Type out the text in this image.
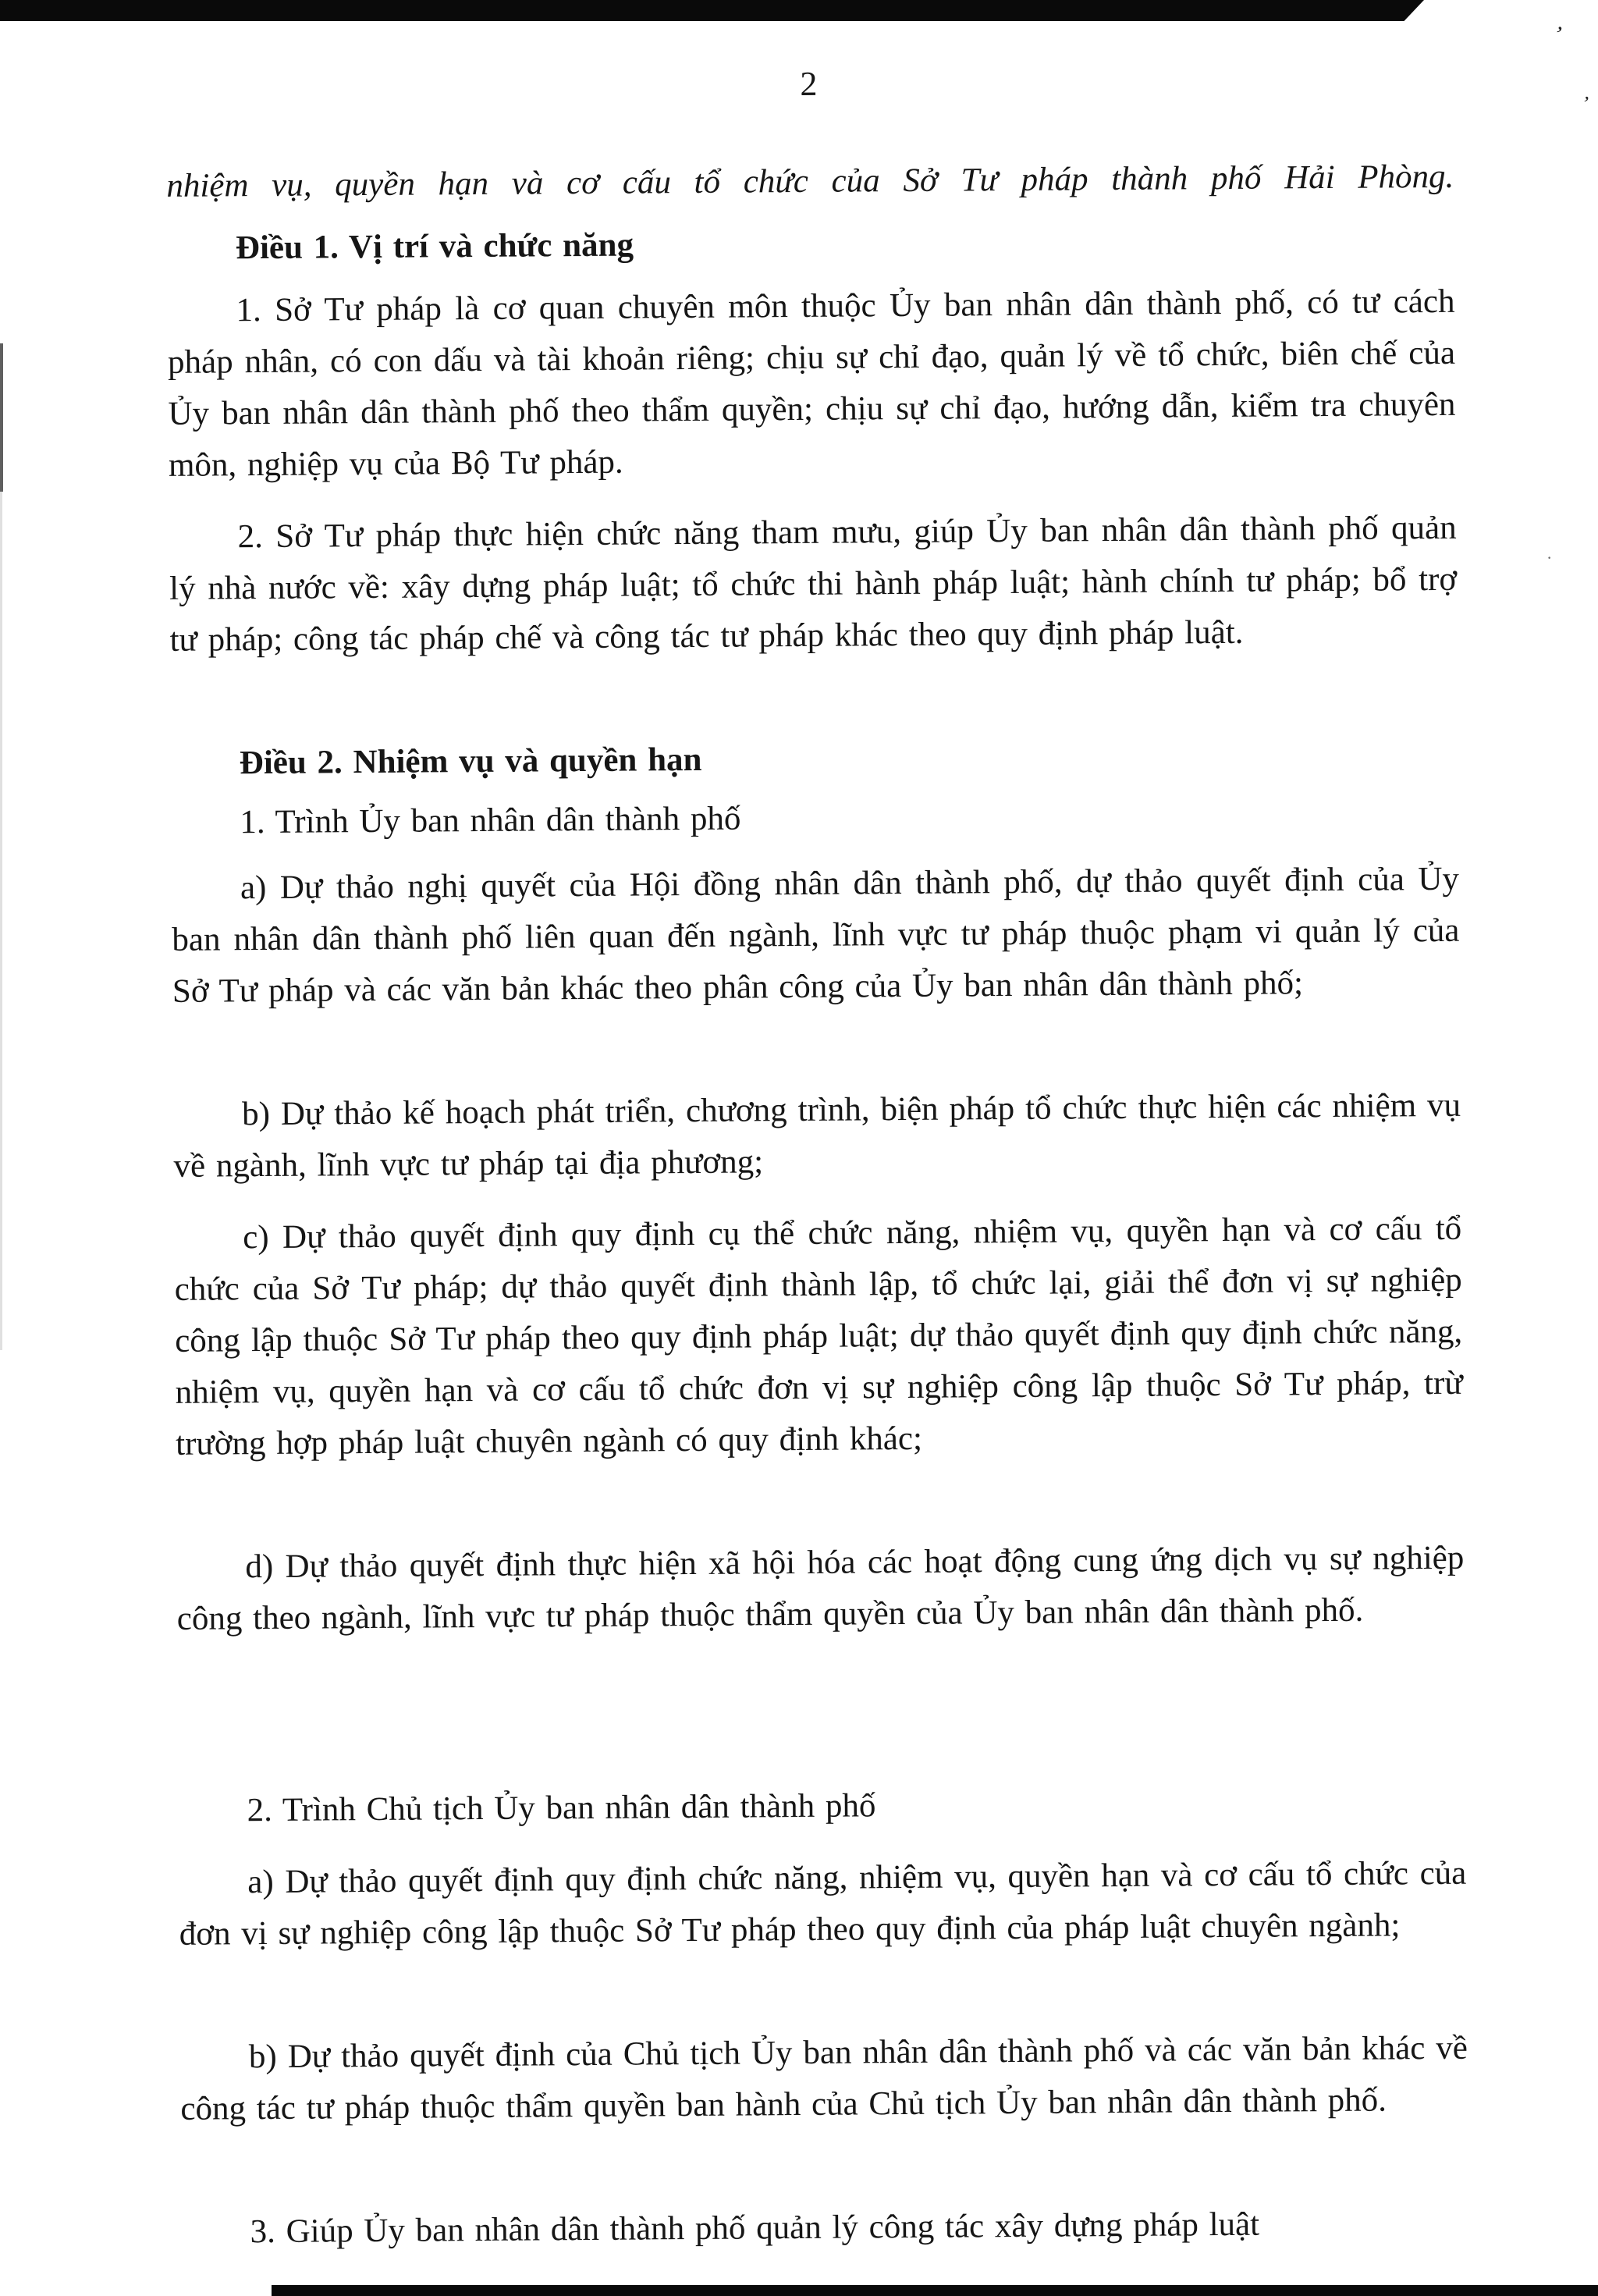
’
’
·
2
nhiệm vụ, quyền hạn và cơ cấu tổ chức của Sở Tư pháp thành phố Hải Phòng.
Điều 1. Vị trí và chức năng
1. Sở Tư pháp là cơ quan chuyên môn thuộc Ủy ban nhân dân thành phố, có tư cách pháp nhân, có con dấu và tài khoản riêng; chịu sự chỉ đạo, quản lý về tổ chức, biên chế của Ủy ban nhân dân thành phố theo thẩm quyền; chịu sự chỉ đạo, hướng dẫn, kiểm tra chuyên môn, nghiệp vụ của Bộ Tư pháp.
2. Sở Tư pháp thực hiện chức năng tham mưu, giúp Ủy ban nhân dân thành phố quản lý nhà nước về: xây dựng pháp luật; tổ chức thi hành pháp luật; hành chính tư pháp; bổ trợ tư pháp; công tác pháp chế và công tác tư pháp khác theo quy định pháp luật.
Điều 2. Nhiệm vụ và quyền hạn
1. Trình Ủy ban nhân dân thành phố
a) Dự thảo nghị quyết của Hội đồng nhân dân thành phố, dự thảo quyết định của Ủy ban nhân dân thành phố liên quan đến ngành, lĩnh vực tư pháp thuộc phạm vi quản lý của Sở Tư pháp và các văn bản khác theo phân công của Ủy ban nhân dân thành phố;
b) Dự thảo kế hoạch phát triển, chương trình, biện pháp tổ chức thực hiện các nhiệm vụ về ngành, lĩnh vực tư pháp tại địa phương;
c) Dự thảo quyết định quy định cụ thể chức năng, nhiệm vụ, quyền hạn và cơ cấu tổ chức của Sở Tư pháp; dự thảo quyết định thành lập, tổ chức lại, giải thể đơn vị sự nghiệp công lập thuộc Sở Tư pháp theo quy định pháp luật; dự thảo quyết định quy định chức năng, nhiệm vụ, quyền hạn và cơ cấu tổ chức đơn vị sự nghiệp công lập thuộc Sở Tư pháp, trừ trường hợp pháp luật chuyên ngành có quy định khác;
d) Dự thảo quyết định thực hiện xã hội hóa các hoạt động cung ứng dịch vụ sự nghiệp công theo ngành, lĩnh vực tư pháp thuộc thẩm quyền của Ủy ban nhân dân thành phố.
2. Trình Chủ tịch Ủy ban nhân dân thành phố
a) Dự thảo quyết định quy định chức năng, nhiệm vụ, quyền hạn và cơ cấu tổ chức của đơn vị sự nghiệp công lập thuộc Sở Tư pháp theo quy định của pháp luật chuyên ngành;
b) Dự thảo quyết định của Chủ tịch Ủy ban nhân dân thành phố và các văn bản khác về công tác tư pháp thuộc thẩm quyền ban hành của Chủ tịch Ủy ban nhân dân thành phố.
3. Giúp Ủy ban nhân dân thành phố quản lý công tác xây dựng pháp luật
